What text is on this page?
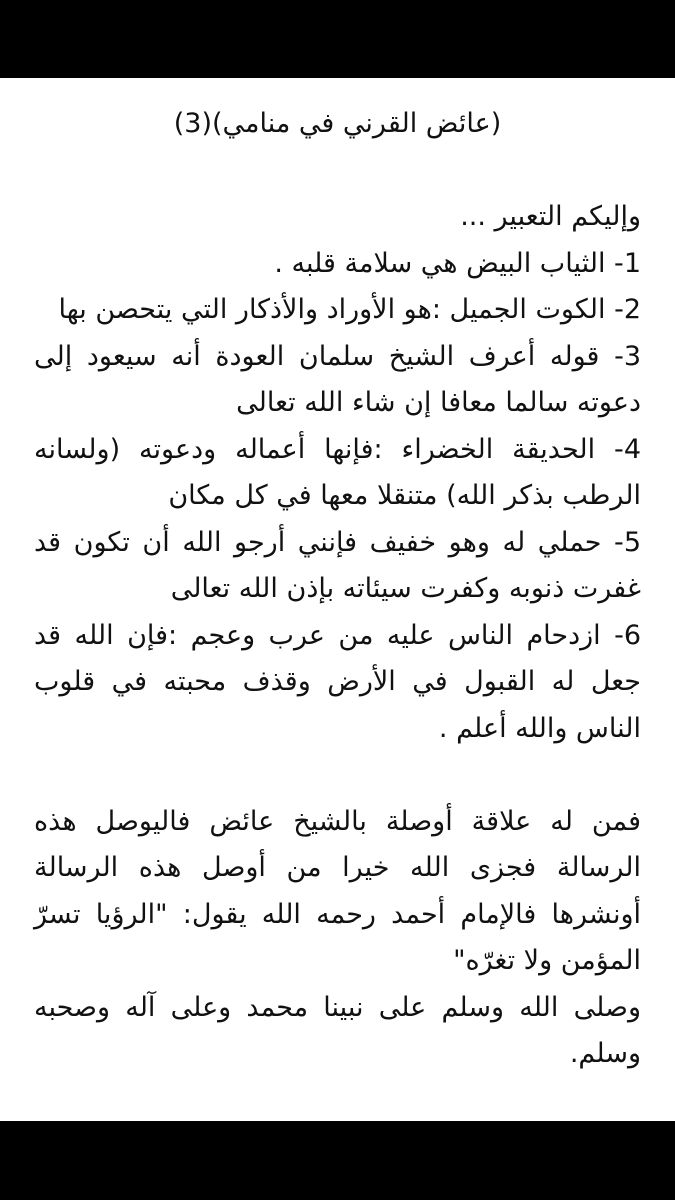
(عائض القرني في منامي)(3)

وإليكم التعبير ...

1- الثياب البيض هي سلامة قلبه .
2- الكوت الجميل :هو الأوراد والأذكار التي يتحصن بها
3- قوله أعرف الشيخ سلمان العودة أنه سيعود إلى دعوته سالما معافا إن شاء الله تعالى
4- الحديقة الخضراء :فإنها أعماله ودعوته (ولسانه الرطب بذكر الله) متنقلا معها في كل مكان
5- حملي له وهو خفيف فإنني أرجو الله أن تكون قد غفرت ذنوبه وكفرت سيئاته بإذن الله تعالى
6- ازدحام الناس عليه من عرب وعجم :فإن الله قد جعل له القبول في الأرض وقذف محبته في قلوب الناس والله أعلم .

فمن له علاقة أوصلة بالشيخ عائض فاليوصل هذه الرسالة فجزى الله خيرا من أوصل هذه الرسالة أونشرها فالإمام أحمد رحمه الله يقول: "الرؤيا تسرّ المؤمن ولا تغرّه"

وصلى الله وسلم على نبينا محمد وعلى آله وصحبه وسلم.
